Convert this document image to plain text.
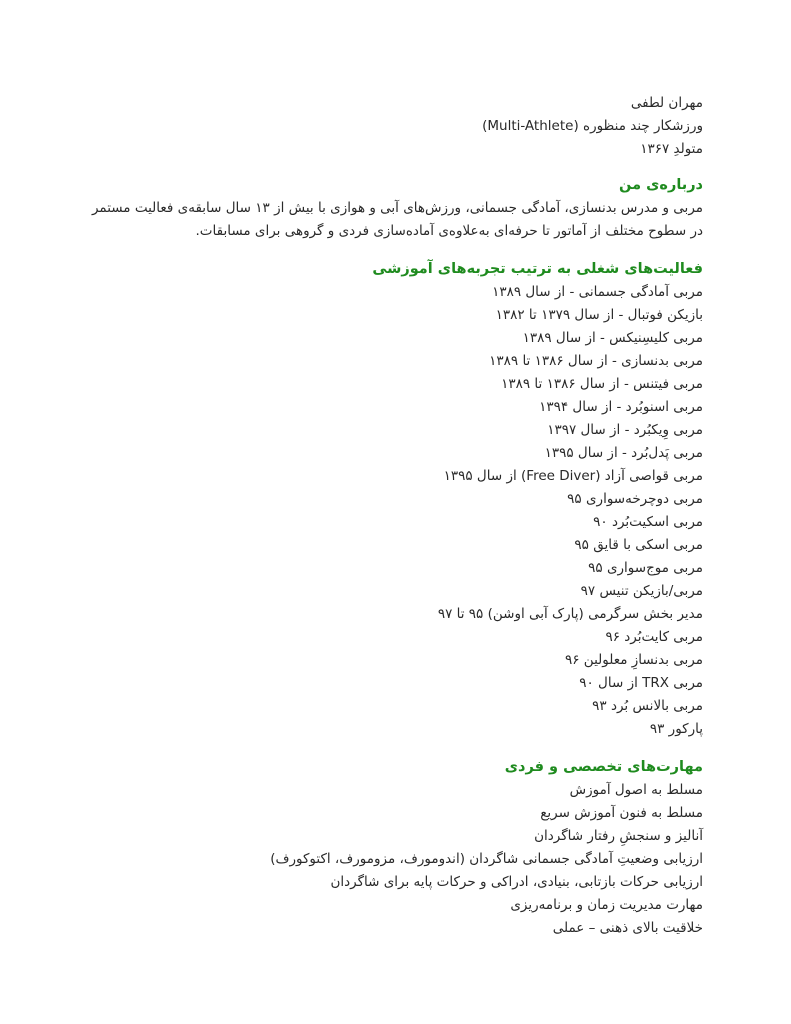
مهران لطفی
ورزشکار چند منظوره (Multi-Athlete)
متولدِ ۱۳۶۷
درباره‌ی من
مربی و مدرس بدنسازی، آمادگی جسمانی، ورزش‌های آبی و هوازی با بیش از ۱۳ سال سابقه‌ی فعالیت مستمر
در سطوح مختلف از آماتور تا حرفه‌ای به‌علاوه‌ی آماده‌سازی فردی و گروهی برای مسابقات.
فعالیت‌های شغلی به ترتیب تجربه‌های آموزشی
مربی آمادگی جسمانی - از سال ۱۳۸۹
بازیکن فوتبال - از سال ۱۳۷۹ تا ۱۳۸۲
مربی کلیسِنیکس - از سال ۱۳۸۹
مربی بدنسازی - از سال ۱۳۸۶ تا ۱۳۸۹
مربی فیتنس - از سال ۱۳۸۶ تا ۱۳۸۹
مربی اسنوبُرد - از سال ۱۳۹۴
مربی وِیکبُرد - از سال ۱۳۹۷
مربی پَدل‌بُرد - از سال ۱۳۹۵
مربی قواصی آزاد (Free Diver) از سال ۱۳۹۵
مربی دوچرخه‌سواری ۹۵
مربی اسکیت‌بُرد ۹۰
مربی اسکی با قایق ۹۵
مربی موج‌سواری ۹۵
مربی/بازیکن تنیس ۹۷
مدیر بخش سرگرمی (پارک آبی اوشن) ۹۵ تا ۹۷
مربی کایت‌بُرد ۹۶
مربی بدنسازِ معلولین ۹۶
مربی TRX از سال ۹۰
مربی بالانس بُرد ۹۳
پارکور ۹۳
مهارت‌های تخصصی و فردی
مسلط به اصول آموزش
مسلط به فنون آموزش سریع
آنالیز و سنجشِ رفتار شاگردان
ارزیابی وضعیتِ آمادگی جسمانی شاگردان (اندومورف، مزومورف، اکتوکورف)
ارزیابی حرکات بازتابی، بنیادی، ادراکی و حرکات پایه برای شاگردان
مهارت مدیریت زمان و برنامه‌ریزی
خلاقیت بالای ذهنی – عملی
